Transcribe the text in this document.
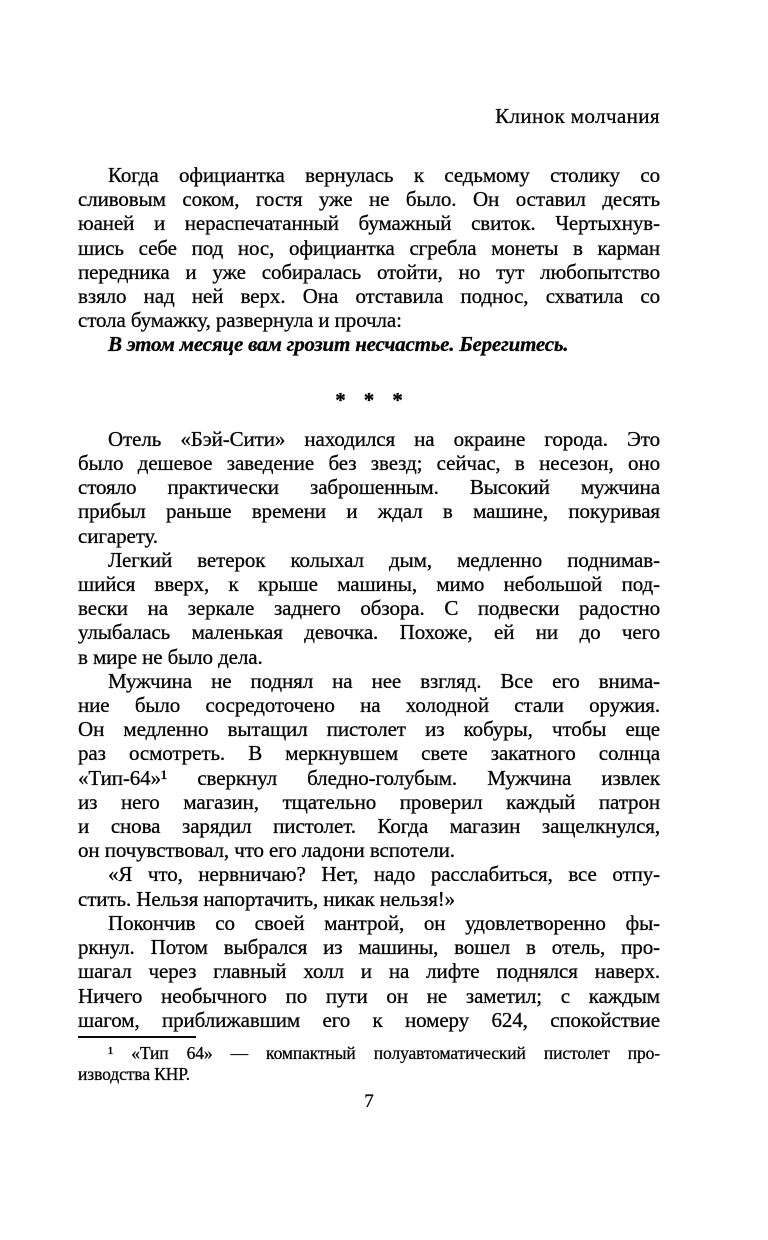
Клинок молчания
Когда официантка вернулась к седьмому столику со
сливовым соком, гостя уже не было. Он оставил десять
юаней и нераспечатанный бумажный свиток. Чертыхнув-
шись себе под нос, официантка сгребла монеты в карман
передника и уже собиралась отойти, но тут любопытство
взяло над ней верх. Она отставила поднос, схватила со
стола бумажку, развернула и прочла:
В этом месяце вам грозит несчастье. Берегитесь.
* * *
Отель «Бэй-Сити» находился на окраине города. Это
было дешевое заведение без звезд; сейчас, в несезон, оно
стояло практически заброшенным. Высокий мужчина
прибыл раньше времени и ждал в машине, покуривая
сигарету.
Легкий ветерок колыхал дым, медленно поднимав-
шийся вверх, к крыше машины, мимо небольшой под-
вески на зеркале заднего обзора. С подвески радостно
улыбалась маленькая девочка. Похоже, ей ни до чего
в мире не было дела.
Мужчина не поднял на нее взгляд. Все его внима-
ние было сосредоточено на холодной стали оружия.
Он медленно вытащил пистолет из кобуры, чтобы еще
раз осмотреть. В меркнувшем свете закатного солнца
«Тип-64»¹ сверкнул бледно-голубым. Мужчина извлек
из него магазин, тщательно проверил каждый патрон
и снова зарядил пистолет. Когда магазин защелкнулся,
он почувствовал, что его ладони вспотели.
«Я что, нервничаю? Нет, надо расслабиться, все отпу-
стить. Нельзя напортачить, никак нельзя!»
Покончив со своей мантрой, он удовлетворенно фы-
ркнул. Потом выбрался из машины, вошел в отель, про-
шагал через главный холл и на лифте поднялся наверх.
Ничего необычного по пути он не заметил; с каждым
шагом, приближавшим его к номеру 624, спокойствие
¹ «Тип 64» — компактный полуавтоматический пистолет про-
изводства КНР.
7
